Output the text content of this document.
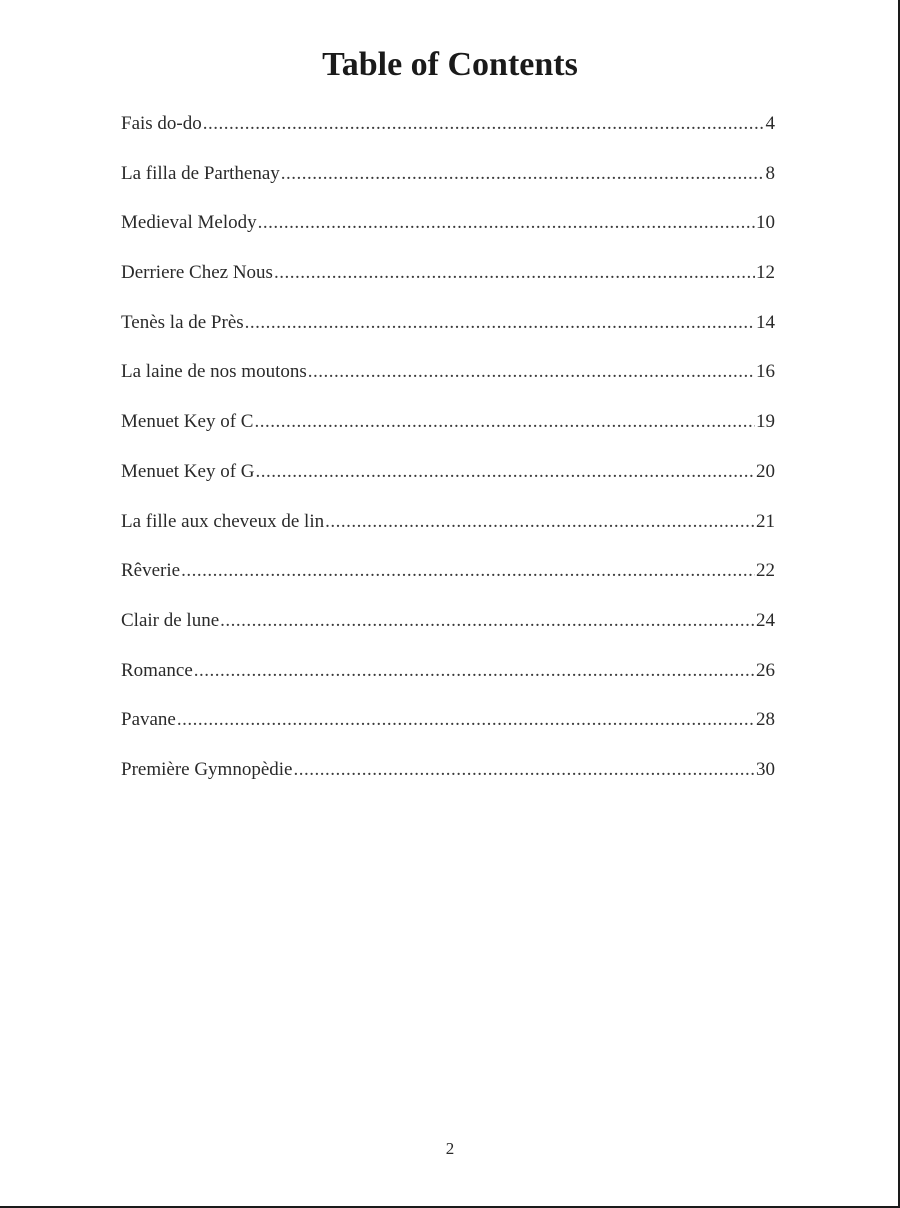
Table of Contents
Fais do-do .....	4
La filla de Parthenay .....	8
Medieval Melody .....	10
Derriere Chez Nous .....	12
Tenès la de Près .....	14
La laine de nos moutons .....	16
Menuet Key of C .....	19
Menuet Key of G .....	20
La fille aux cheveux de lin .....	21
Rêverie .....	22
Clair de lune .....	24
Romance .....	26
Pavane .....	28
Première Gymnopèdie .....	30
2
